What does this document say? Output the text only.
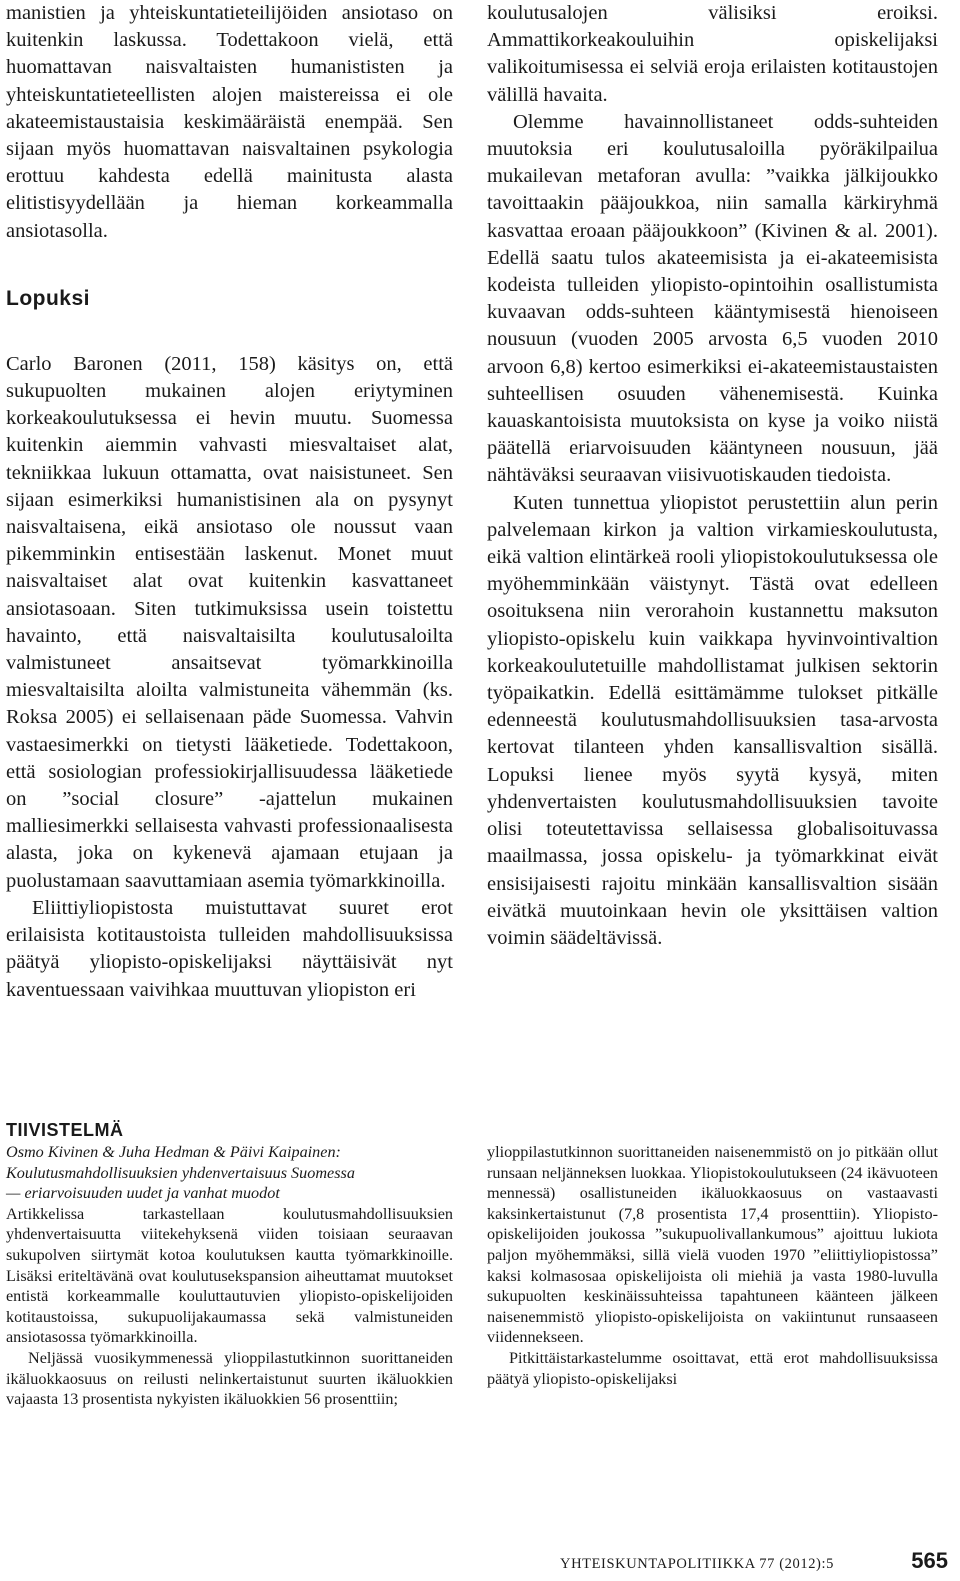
manistien ja yhteiskuntatieteilijöiden ansiotaso on kuitenkin laskussa. Todettakoon vielä, että huomattavan naisvaltaisten humanististen ja yhteiskuntatieteellisten alojen maistereissa ei ole akateemistaustaisia keskimääräistä enempää. Sen sijaan myös huomattavan naisvaltainen psykologia erottuu kahdesta edellä mainitusta alasta elitistisyydellään ja hieman korkeammalla ansiotasolla.

Lopuksi

Carlo Baronen (2011, 158) käsitys on, että sukupuolten mukainen alojen eriytyminen korkeakoulutuksessa ei hevin muutu. Suomessa kuitenkin aiemmin vahvasti miesvaltaiset alat, tekniikkaa lukuun ottamatta, ovat naisistuneet. Sen sijaan esimerkiksi humanistisinen ala on pysynyt naisvaltaisena, eikä ansiotaso ole noussut vaan pikemminkin entisestään laskenut. Monet muut naisvaltaiset alat ovat kuitenkin kasvattaneet ansiotasoaan. Siten tutkimuksissa usein toistettu havainto, että naisvaltaisilta koulutusaloilta valmistuneet ansaitsevat työmarkkinoilla miesvaltaisilta aloilta valmistuneita vähemmän (ks. Roksa 2005) ei sellaisenaan päde Suomessa. Vahvin vastaesimerkki on tietysti lääketiede. Todettakoon, että sosiologian professiokirjallisuudessa lääketiede on ”social closure” -ajattelun mukainen malliesimerkki sellaisesta vahvasti professionaalisesta alasta, joka on kykenevä ajamaan etujaan ja puolustamaan saavuttamiaan asemia työmarkkinoilla.

Eliittiyliopistosta muistuttavat suuret erot erilaisista kotitaustoista tulleiden mahdollisuuksissa päätyä yliopisto-opiskelijaksi näyttäisivät nyt kaventuessaan vaivihkaa muuttuvan yliopiston eri

koulutusalojen välisiksi eroiksi. Ammattikorkeakouluihin opiskelijaksi valikoitumisessa ei selviä eroja erilaisten kotitaustojen välillä havaita.

Olemme havainnollistaneet odds-suhteiden muutoksia eri koulutusaloilla pyöräkilpailua mukailevan metaforan avulla: ”vaikka jälkijoukko tavoittaakin pääjoukkoa, niin samalla kärkiryhmä kasvattaa eroaan pääjoukkoon” (Kivinen & al. 2001). Edellä saatu tulos akateemisista ja ei-akateemisista kodeista tulleiden yliopisto-opintoihin osallistumista kuvaavan odds-suhteen kääntymisestä hienoiseen nousuun (vuoden 2005 arvosta 6,5 vuoden 2010 arvoon 6,8) kertoo esimerkiksi ei-akateemistaustaisten suhteellisen osuuden vähenemisestä. Kuinka kauaskantoisista muutoksista on kyse ja voiko niistä päätellä eriarvoisuuden kääntyneen nousuun, jää nähtäväksi seuraavan viisivuotiskauden tiedoista.

Kuten tunnettua yliopistot perustettiin alun perin palvelemaan kirkon ja valtion virkamieskoulutusta, eikä valtion elintärkeä rooli yliopistokoulutuksessa ole myöhemminkään väistynyt. Tästä ovat edelleen osoituksena niin verorahoin kustannettu maksuton yliopisto-opiskelu kuin vaikkapa hyvinvointivaltion korkeakoulutetuille mahdollistamat julkisen sektorin työpaikatkin. Edellä esittämämme tulokset pitkälle edenneestä koulutusmahdollisuuksien tasa-arvosta kertovat tilanteen yhden kansallisvaltion sisällä. Lopuksi lienee myös syytä kysyä, miten yhdenvertaisten koulutusmahdollisuuksien tavoite olisi toteutettavissa sellaisessa globalisoituvassa maailmassa, jossa opiskelu- ja työmarkkinat eivät ensisijaisesti rajoitu minkään kansallisvaltion sisään eivätkä muutoinkaan hevin ole yksittäisen valtion voimin säädeltävissä.

TIIVISTELMÄ
Osmo Kivinen & Juha Hedman & Päivi Kaipainen:
Koulutusmahdollisuuksien yhdenvertaisuus Suomessa
— eriarvoisuuden uudet ja vanhat muodot

Artikkelissa tarkastellaan koulutusmahdollisuuksien yhdenvertaisuutta viitekehyksenä viiden toisiaan seuraavan sukupolven siirtymät kotoa koulutuksen kautta työmarkkinoille. Lisäksi eriteltävänä ovat koulutusekspansion aiheuttamat muutokset entistä korkeammalle kouluttautuvien yliopisto-opiskelijoiden kotitaustoissa, sukupuolijakaumassa sekä valmistuneiden ansiotasossa työmarkkinoilla.

Neljässä vuosikymmenessä ylioppilastutkinnon suorittaneiden ikäluokkaosuus on reilusti nelinkertaistunut suurten ikäluokkien vajaasta 13 prosentista nykyisten ikäluokkien 56 prosenttiin;

ylioppilastutkinnon suorittaneiden naisenemmistö on jo pitkään ollut runsaan neljänneksen luokkaa. Yliopistokoulutukseen (24 ikävuoteen mennessä) osallistuneiden ikäluokkaosuus on vastaavasti kaksinkertaistunut (7,8 prosentista 17,4 prosenttiin). Yliopisto-opiskelijoiden joukossa ”sukupuolivallankumous” ajoittuu lukiota paljon myöhemmäksi, sillä vielä vuoden 1970 ”eliittiyliopistossa” kaksi kolmasosaa opiskelijoista oli miehiä ja vasta 1980-luvulla sukupuolten keskinäissuhteissa tapahtuneen käänteen jälkeen naisenemmistö yliopisto-opiskelijoista on vakiintunut runsaaseen viidennekseen.

Pitkittäistarkastelumme osoittavat, että erot mahdollisuuksissa päätyä yliopisto-opiskelijaksi

YHTEISKUNTAPOLITIIKKA 77 (2012):5	565
